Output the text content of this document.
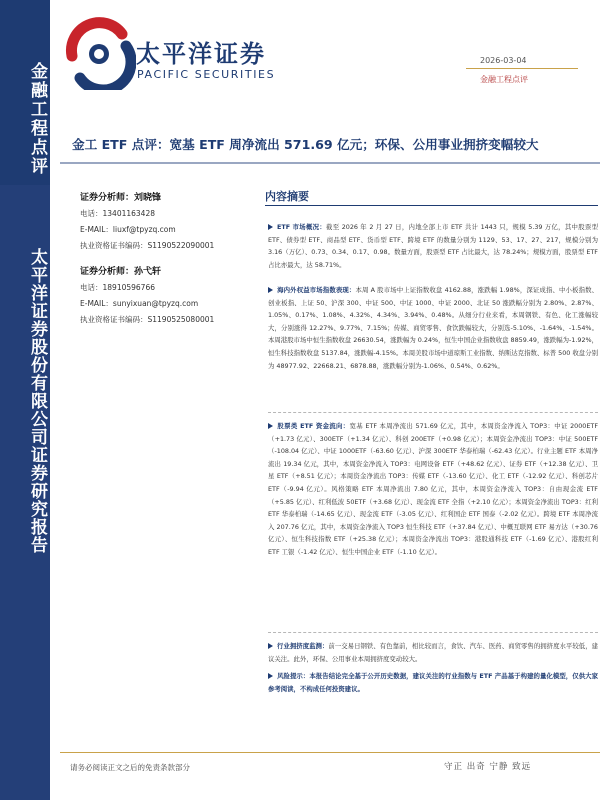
金融工程点评
太平洋证券股份有限公司证券研究报告
太平洋证券
PACIFIC SECURITIES
2026-03-04
金融工程点评
金工 ETF 点评：宽基 ETF 周净流出 571.69 亿元；环保、公用事业拥挤变幅较大
证券分析师：刘晓锋
电话：13401163428
E-MAIL：liuxf@tpyzq.com
执业资格证书编码：S1190522090001
证券分析师：孙弋轩
电话：18910596766
E-MAIL：sunyixuan@tpyzq.com
执业资格证书编码：S1190525080001
内容摘要
ETF 市场概况：截至 2026 年 2 月 27 日，内地全部上市 ETF 共计 1443 只，规模 5.39 万亿，其中股票型 ETF、债券型 ETF、商品型 ETF、货币型 ETF、跨境 ETF 的数量分别为 1129、53、17、27、217，规模分别为 3.16（万亿）、0.73、0.34、0.17、0.98。数量方面，股票型 ETF 占比最大，达 78.24%；规模方面，股票型 ETF 占比亦最大，达 58.71%。
海内外权益市场指数表现：本周 A 股市场中上证指数收盘 4162.88，涨跌幅 1.98%，深证成指、中小板指数、创业板指、上证 50、沪深 300、中证 500、中证 1000、中证 2000、北证 50 涨跌幅分别为 2.80%、2.87%、1.05%、0.17%、1.08%、4.32%、4.34%、3.94%、0.48%。从细分行业来看，本周钢铁、有色、化工涨幅较大，分别涨得 12.27%、9.77%、7.15%；传媒、商贸零售、食饮跌幅较大，分别选-5.10%、-1.64%、-1.54%。本周港股市场中恒生指数收盘 26630.54，涨跌幅为 0.24%，恒生中国企业指数收盘 8859.49，涨跌幅为-1.92%，恒生科技指数收盘 5137.84，涨跌幅-4.15%。本周美股市场中道琼斯工业指数、纳斯达克指数、标普 500 收盘分别为 48977.92、22668.21、6878.88，涨跌幅分别为-1.06%、0.54%、0.62%。
股票类 ETF 资金流向：宽基 ETF 本周净流出 571.69 亿元，其中，本周资金净流入 TOP3：中证 2000ETF（+1.73 亿元）、300ETF（+1.34 亿元）、科创 200ETF（+0.98 亿元）；本周资金净流出 TOP3：中证 500ETF（-108.04 亿元）、中证 1000ETF（-63.60 亿元）、沪深 300ETF 华泰柏瑞（-62.43 亿元）。行业主题 ETF 本周净流出 19.34 亿元，其中，本周资金净流入 TOP3：电网设备 ETF（+48.62 亿元）、证券 ETF（+12.38 亿元）、卫星 ETF（+8.51 亿元）；本周资金净流出 TOP3：传媒 ETF（-13.60 亿元）、化工 ETF（-12.92 亿元）、科创芯片 ETF（-9.94 亿元）。风格策略 ETF 本周净流出 7.80 亿元，其中，本周资金净流入 TOP3：自由现金流 ETF（+5.85 亿元）、红利低波 50ETF（+3.68 亿元）、现金流 ETF 全指（+2.10 亿元）；本周资金净流出 TOP3：红利 ETF 华泰柏瑞（-14.65 亿元）、现金流 ETF（-3.05 亿元）、红利国企 ETF 国泰（-2.02 亿元）。跨境 ETF 本周净流入 207.76 亿元，其中，本周资金净流入 TOP3 恒生科技 ETF（+37.84 亿元）、中概互联网 ETF 易方达（+30.76 亿元）、恒生科技指数 ETF（+25.38 亿元）；本周资金净流出 TOP3：港股通科技 ETF（-1.69 亿元）、港股红利 ETF 工银（-1.42 亿元）、恒生中国企业 ETF（-1.10 亿元）。
行业拥挤度监测：前一交易日钢铁、有色靠前，相比较而言，食饮、汽车、医药、商贸零售的拥挤度水平较低，建议关注。此外，环保、公用事业本周拥挤度变动较大。
风险提示：本报告结论完全基于公开历史数据，建议关注的行业指数与 ETF 产品基于构建的量化模型，仅供大家参考阅读，不构成任何投资建议。
请务必阅读正文之后的免责条款部分	守正 出奇 宁静 致远
